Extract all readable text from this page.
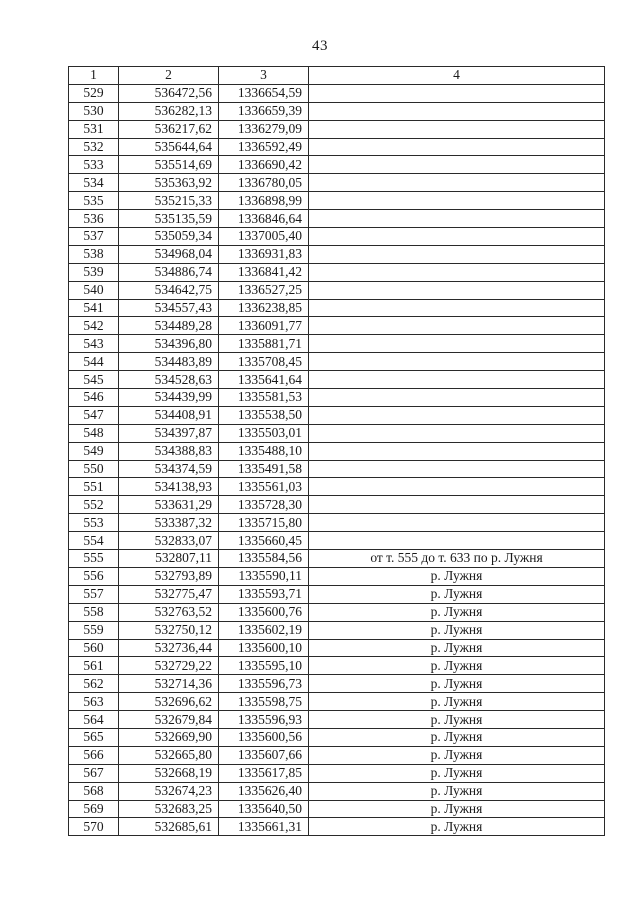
43
1	2	3	4
529	536472,56	1336654,59	
530	536282,13	1336659,39	
531	536217,62	1336279,09	
532	535644,64	1336592,49	
533	535514,69	1336690,42	
534	535363,92	1336780,05	
535	535215,33	1336898,99	
536	535135,59	1336846,64	
537	535059,34	1337005,40	
538	534968,04	1336931,83	
539	534886,74	1336841,42	
540	534642,75	1336527,25	
541	534557,43	1336238,85	
542	534489,28	1336091,77	
543	534396,80	1335881,71	
544	534483,89	1335708,45	
545	534528,63	1335641,64	
546	534439,99	1335581,53	
547	534408,91	1335538,50	
548	534397,87	1335503,01	
549	534388,83	1335488,10	
550	534374,59	1335491,58	
551	534138,93	1335561,03	
552	533631,29	1335728,30	
553	533387,32	1335715,80	
554	532833,07	1335660,45	
555	532807,11	1335584,56	от т. 555 до т. 633 по р. Лужня
556	532793,89	1335590,11	р. Лужня
557	532775,47	1335593,71	р. Лужня
558	532763,52	1335600,76	р. Лужня
559	532750,12	1335602,19	р. Лужня
560	532736,44	1335600,10	р. Лужня
561	532729,22	1335595,10	р. Лужня
562	532714,36	1335596,73	р. Лужня
563	532696,62	1335598,75	р. Лужня
564	532679,84	1335596,93	р. Лужня
565	532669,90	1335600,56	р. Лужня
566	532665,80	1335607,66	р. Лужня
567	532668,19	1335617,85	р. Лужня
568	532674,23	1335626,40	р. Лужня
569	532683,25	1335640,50	р. Лужня
570	532685,61	1335661,31	р. Лужня
